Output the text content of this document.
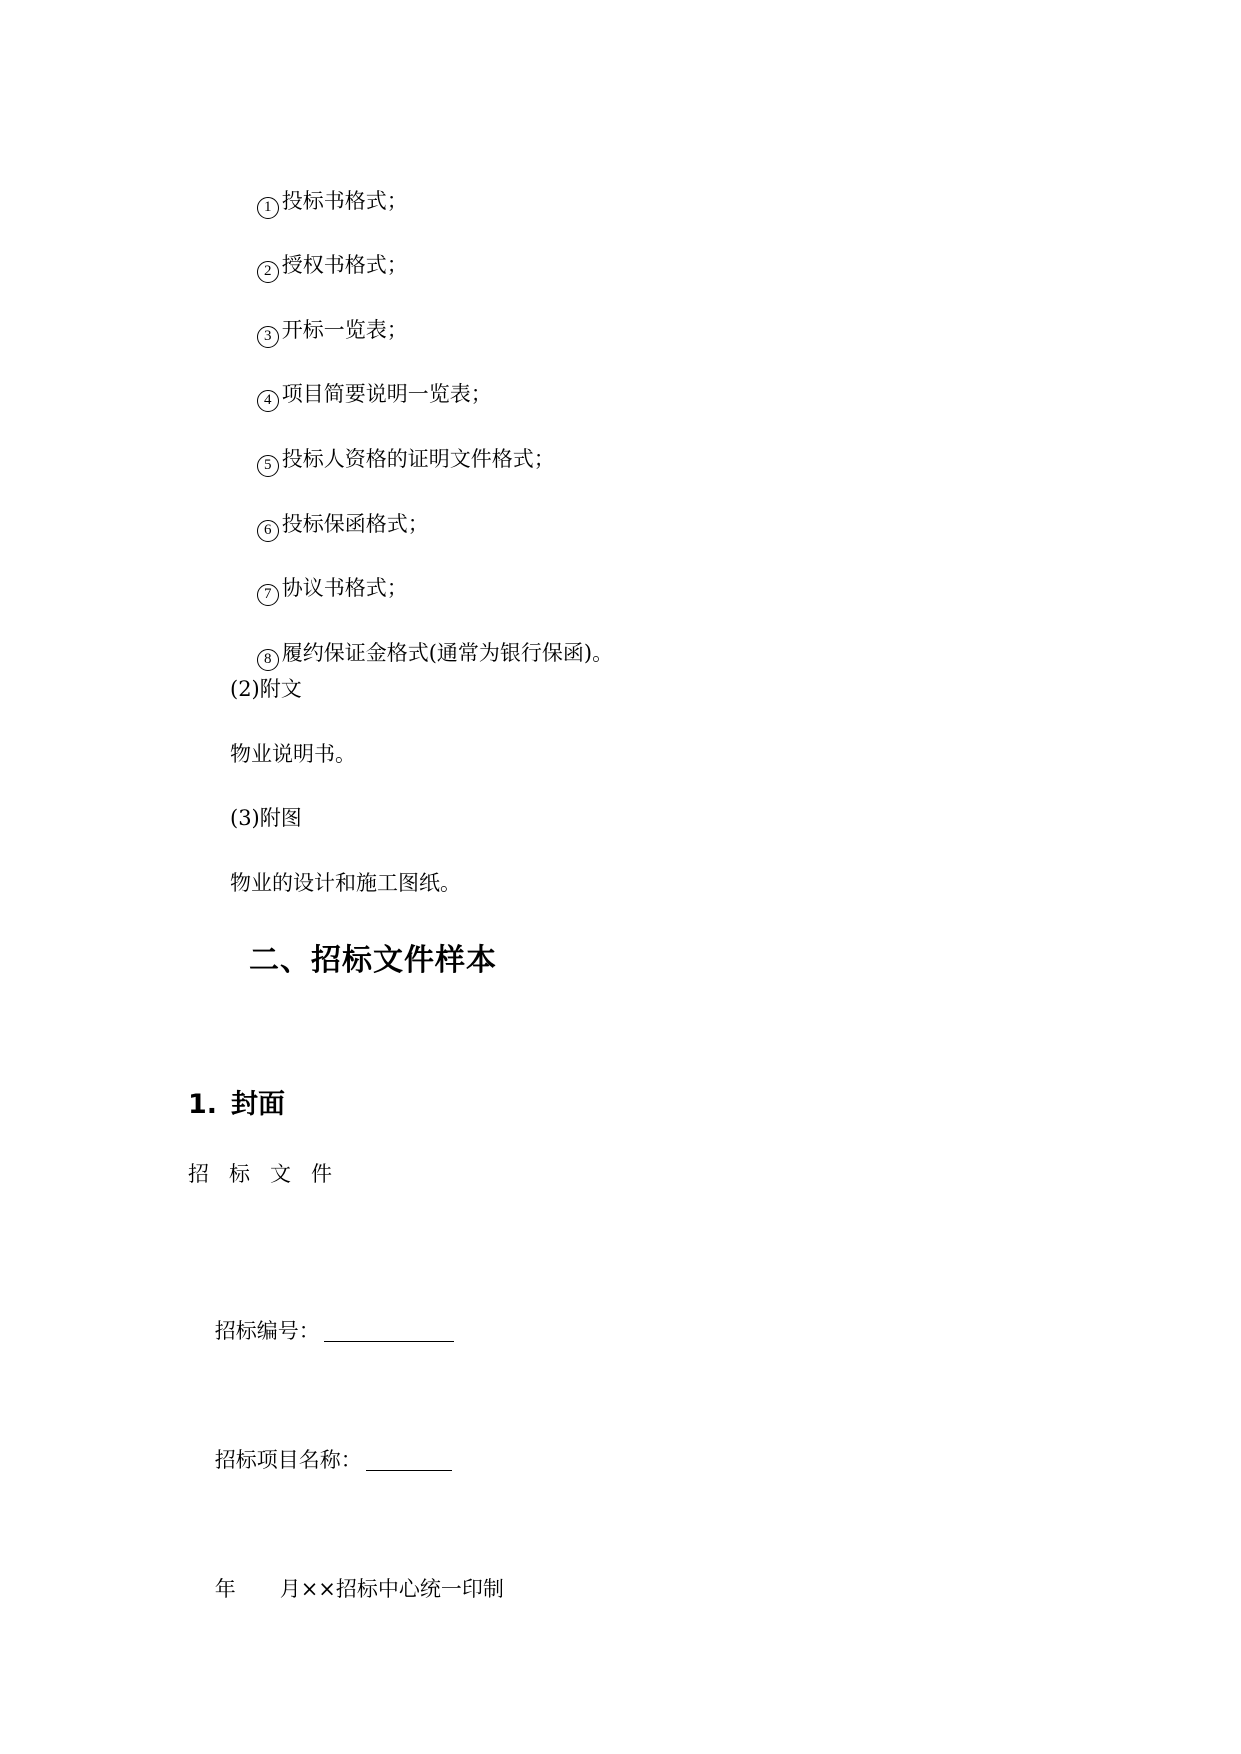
1 投标书格式；

2 授权书格式；

3 开标一览表；

4 项目简要说明一览表；

5 投标人资格的证明文件格式；

6 投标保函格式；

7 协议书格式；

8 履约保证金格式(通常为银行保函)。

(2)附文
物业说明书。
(3)附图
物业的设计和施工图纸。
二、招标文件样本
1. 封面
招标文件

招标编号：

招标项目名称：

年 月××招标中心统一印制
